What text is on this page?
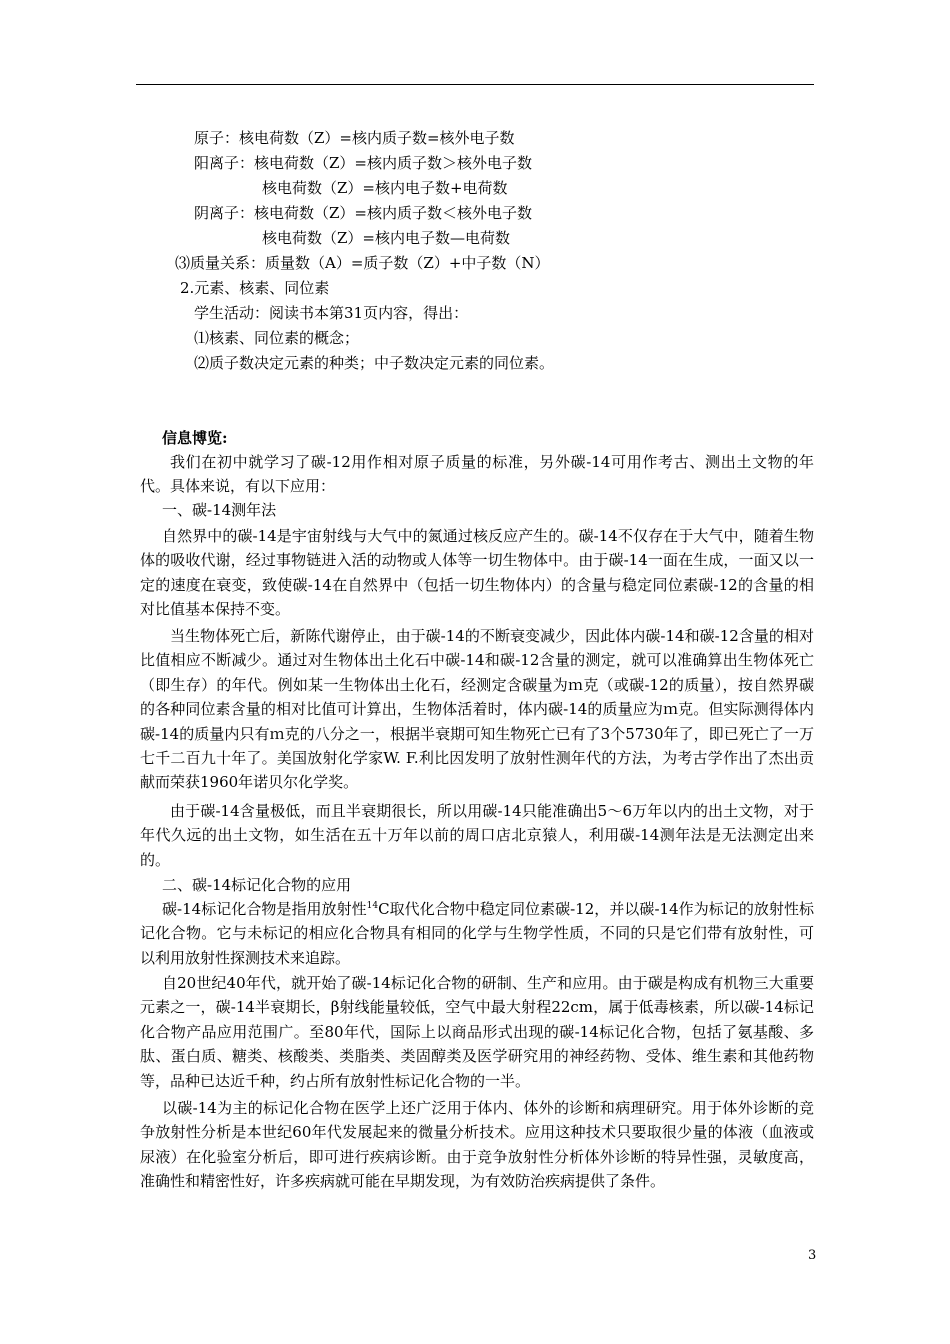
原子：核电荷数（Z）=核内质子数=核外电子数
阳离子：核电荷数（Z）=核内质子数＞核外电子数
核电荷数（Z）=核内电子数+电荷数
阴离子：核电荷数（Z）=核内质子数＜核外电子数
核电荷数（Z）=核内电子数—电荷数
⑶质量关系：质量数（A）=质子数（Z）+中子数（N）
2.元素、核素、同位素
学生活动：阅读书本第31页内容，得出：
⑴核素、同位素的概念；
⑵质子数决定元素的种类；中子数决定元素的同位素。
信息博览:

我们在初中就学习了碳-12用作相对原子质量的标准，另外碳-14可用作考古、测出土文物的年代。具体来说，有以下应用：

一、碳-14测年法

自然界中的碳-14是宇宙射线与大气中的氮通过核反应产生的。碳-14不仅存在于大气中，随着生物体的吸收代谢，经过事物链进入活的动物或人体等一切生物体中。由于碳-14一面在生成，一面又以一定的速度在衰变，致使碳-14在自然界中（包括一切生物体内）的含量与稳定同位素碳-12的含量的相对比值基本保持不变。

当生物体死亡后，新陈代谢停止，由于碳-14的不断衰变减少，因此体内碳-14和碳-12含量的相对比值相应不断减少。通过对生物体出土化石中碳-14和碳-12含量的测定，就可以准确算出生物体死亡（即生存）的年代。例如某一生物体出土化石，经测定含碳量为ｍ克（或碳-12的质量），按自然界碳的各种同位素含量的相对比值可计算出，生物体活着时，体内碳-14的质量应为ｍ克。但实际测得体内碳-14的质量内只有ｍ克的八分之一，根据半衰期可知生物死亡已有了3个5730年了，即已死亡了一万七千二百九十年了。美国放射化学家W. F.利比因发明了放射性测年代的方法，为考古学作出了杰出贡献而荣获1960年诺贝尔化学奖。

由于碳-14含量极低，而且半衰期很长，所以用碳-14只能准确出5～6万年以内的出土文物，对于年代久远的出土文物，如生活在五十万年以前的周口店北京猿人，利用碳-14测年法是无法测定出来的。

二、碳-14标记化合物的应用

碳-14标记化合物是指用放射性$^{14}$C取代化合物中稳定同位素碳-12，并以碳-14作为标记的放射性标记化合物。它与未标记的相应化合物具有相同的化学与生物学性质，不同的只是它们带有放射性，可以利用放射性探测技术来追踪。

自20世纪40年代，就开始了碳-14标记化合物的研制、生产和应用。由于碳是构成有机物三大重要元素之一，碳-14半衰期长，β射线能量较低，空气中最大射程22cm，属于低毒核素，所以碳-14标记化合物产品应用范围广。至80年代，国际上以商品形式出现的碳-14标记化合物，包括了氨基酸、多肽、蛋白质、糖类、核酸类、类脂类、类固醇类及医学研究用的神经药物、受体、维生素和其他药物等，品种已达近千种，约占所有放射性标记化合物的一半。

以碳-14为主的标记化合物在医学上还广泛用于体内、体外的诊断和病理研究。用于体外诊断的竞争放射性分析是本世纪60年代发展起来的微量分析技术。应用这种技术只要取很少量的体液（血液或尿液）在化验室分析后，即可进行疾病诊断。由于竞争放射性分析体外诊断的特异性强，灵敏度高，准确性和精密性好，许多疾病就可能在早期发现，为有效防治疾病提供了条件。

3
